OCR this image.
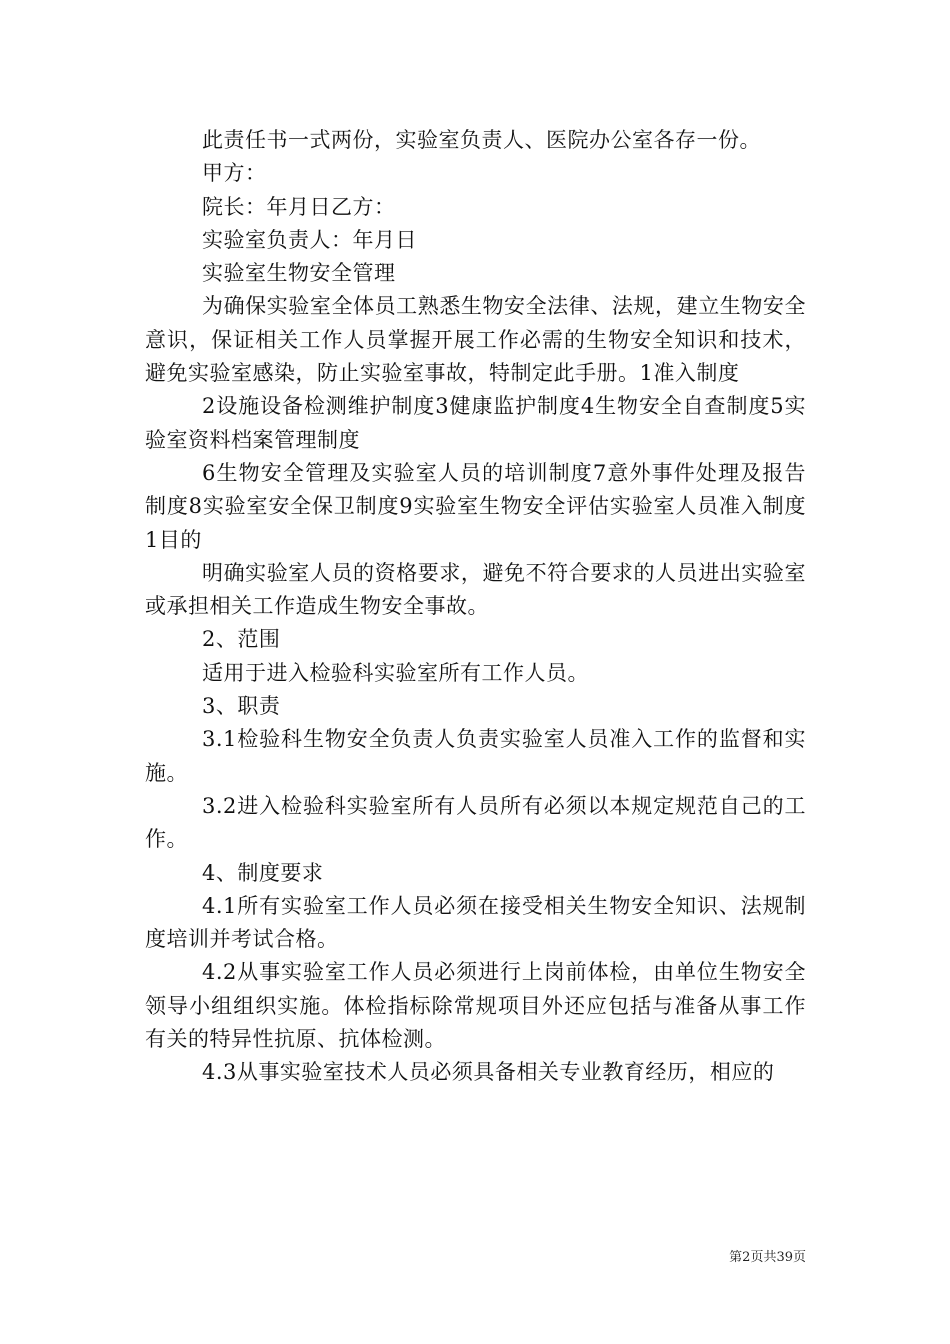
此责任书一式两份，实验室负责人、医院办公室各存一份。

甲方：

院长：年月日乙方：

实验室负责人：年月日

实验室生物安全管理

为确保实验室全体员工熟悉生物安全法律、法规，建立生物安全意识，保证相关工作人员掌握开展工作必需的生物安全知识和技术，避免实验室感染，防止实验室事故，特制定此手册。1准入制度

2设施设备检测维护制度3健康监护制度4生物安全自查制度5实验室资料档案管理制度

6生物安全管理及实验室人员的培训制度7意外事件处理及报告制度8实验室安全保卫制度9实验室生物安全评估实验室人员准入制度1目的

明确实验室人员的资格要求，避免不符合要求的人员进出实验室或承担相关工作造成生物安全事故。

2、范围

适用于进入检验科实验室所有工作人员。

3、职责

3.1检验科生物安全负责人负责实验室人员准入工作的监督和实施。

3.2进入检验科实验室所有人员所有必须以本规定规范自己的工作。

4、制度要求

4.1所有实验室工作人员必须在接受相关生物安全知识、法规制度培训并考试合格。

4.2从事实验室工作人员必须进行上岗前体检，由单位生物安全领导小组组织实施。体检指标除常规项目外还应包括与准备从事工作有关的特异性抗原、抗体检测。

4.3从事实验室技术人员必须具备相关专业教育经历，相应的

第2页共39页
